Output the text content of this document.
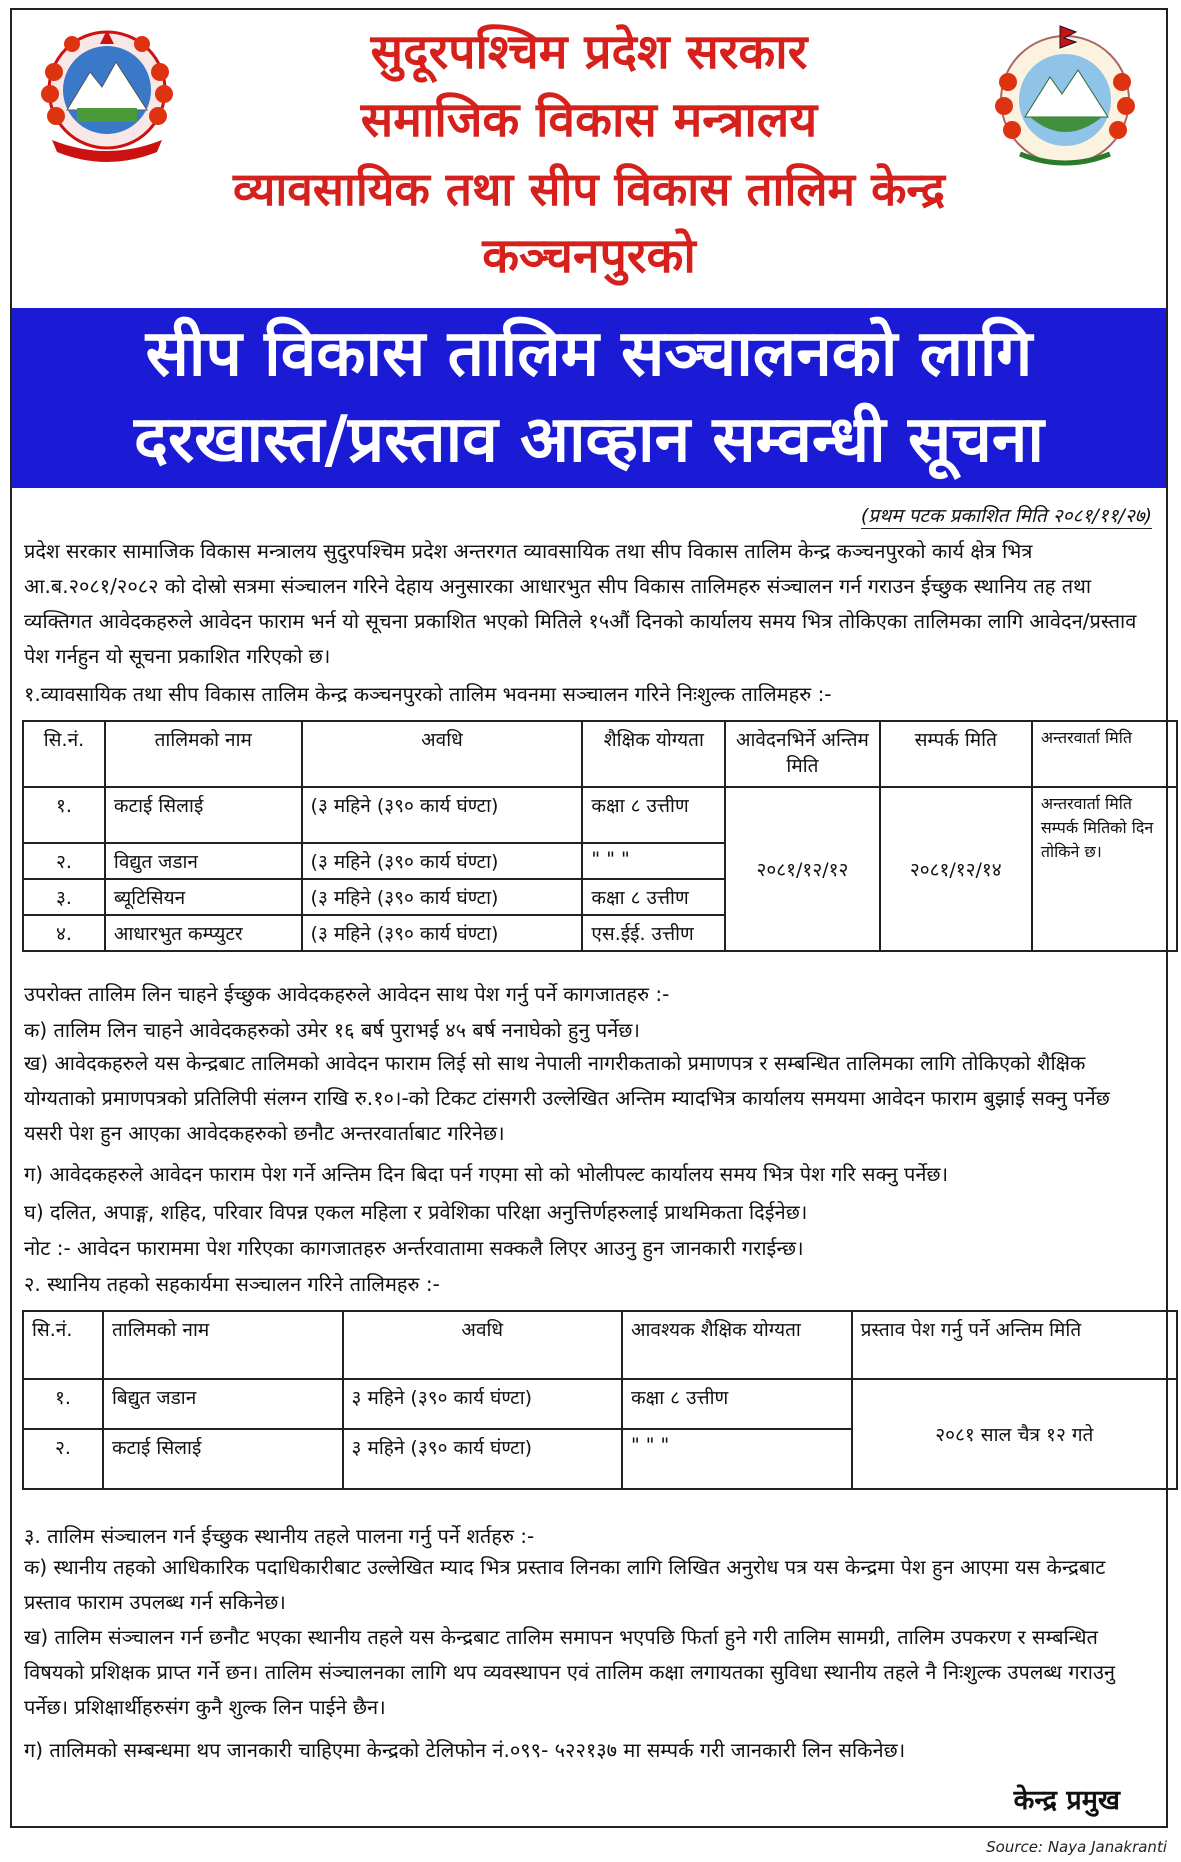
सुदूरपश्चिम प्रदेश सरकार
समाजिक विकास मन्त्रालय
व्यावसायिक तथा सीप विकास तालिम केन्द्र
कञ्चनपुरको
सीप विकास तालिम सञ्चालनको लागि
दरखास्त/प्रस्ताव आव्हान सम्वन्धी सूचना
(प्रथम पटक प्रकाशित मिति २०८१/११/२७)
प्रदेश सरकार सामाजिक विकास मन्त्रालय सुदुरपश्चिम प्रदेश अन्तरगत व्यावसायिक तथा सीप विकास तालिम केन्द्र कञ्चनपुरको कार्य क्षेत्र भित्र आ.ब.२०८१/२०८२ को दोस्रो सत्रमा संञ्चालन गरिने देहाय अनुसारका आधारभुत सीप विकास तालिमहरु संञ्चालन गर्न गराउन ईच्छुक स्थानिय तह तथा व्यक्तिगत आवेदकहरुले आवेदन फाराम भर्न यो सूचना प्रकाशित भएको मितिले १५औं दिनको कार्यालय समय भित्र तोकिएका तालिमका लागि आवेदन/प्रस्ताव पेश गर्नहुन यो सूचना प्रकाशित गरिएको छ।
१.व्यावसायिक तथा सीप विकास तालिम केन्द्र कञ्चनपुरको तालिम भवनमा सञ्चालन गरिने निःशुल्क तालिमहरु :-
सि.नं.	तालिमको नाम	अवधि	शैक्षिक योग्यता	आवेदनभिर्ने अन्तिम मिति	सम्पर्क मिति	अन्तरवार्ता मिति
१.	कटाई सिलाई	(३ महिने (३९० कार्य घंण्टा)	कक्षा ८ उत्तीण	२०८१/१२/१२	२०८१/१२/१४	अन्तरवार्ता मिति सम्पर्क मितिको दिन तोकिने छ।
२.	विद्युत जडान	(३ महिने (३९० कार्य घंण्टा)	" " "			
३.	ब्यूटिसियन	(३ महिने (३९० कार्य घंण्टा)	कक्षा ८ उत्तीण			
४.	आधारभुत कम्प्युटर	(३ महिने (३९० कार्य घंण्टा)	एस.ईई. उत्तीण			
उपरोक्त तालिम लिन चाहने ईच्छुक आवेदकहरुले आवेदन साथ पेश गर्नु पर्ने कागजातहरु :-
क) तालिम लिन चाहने आवेदकहरुको उमेर १६ बर्ष पुराभई ४५ बर्ष ननाघेको हुनु पर्नेछ।
ख) आवेदकहरुले यस केन्द्रबाट तालिमको आवेदन फाराम लिई सो साथ नेपाली नागरीकताको प्रमाणपत्र र सम्बन्धित तालिमका लागि तोकिएको शैक्षिक योग्यताको प्रमाणपत्रको प्रतिलिपी संलग्न राखि रु.१०।-को टिकट टांसगरी उल्लेखित अन्तिम म्यादभित्र कार्यालय समयमा आवेदन फाराम बुझाई सक्नु पर्नेछ यसरी पेश हुन आएका आवेदकहरुको छनौट अन्तरवार्ताबाट गरिनेछ।
ग) आवेदकहरुले आवेदन फाराम पेश गर्ने अन्तिम दिन बिदा पर्न गएमा सो को भोलीपल्ट कार्यालय समय भित्र पेश गरि सक्नु पर्नेछ।
घ) दलित, अपाङ्ग, शहिद, परिवार विपन्न एकल महिला र प्रवेशिका परिक्षा अनुत्तिर्णहरुलाई प्राथमिकता दिईनेछ।
नोट :- आवेदन फाराममा पेश गरिएका कागजातहरु अर्न्तरवातामा सक्कलै लिएर आउनु हुन जानकारी गराईन्छ।
२. स्थानिय तहको सहकार्यमा सञ्चालन गरिने तालिमहरु :-
सि.नं.	तालिमको नाम	अवधि	आवश्यक शैक्षिक योग्यता	प्रस्ताव पेश गर्नु पर्ने अन्तिम मिति
१.	बिद्युत जडान	३ महिने (३९० कार्य घंण्टा)	कक्षा ८ उत्तीण	२०८१ साल चैत्र १२ गते
२.	कटाई सिलाई	३ महिने (३९० कार्य घंण्टा)	" " "	
३. तालिम संञ्चालन गर्न ईच्छुक स्थानीय तहले पालना गर्नु पर्ने शर्तहरु :-
क) स्थानीय तहको आधिकारिक पदाधिकारीबाट उल्लेखित म्याद भित्र प्रस्ताव लिनका लागि लिखित अनुरोध पत्र यस केन्द्रमा पेश हुन आएमा यस केन्द्रबाट प्रस्ताव फाराम उपलब्ध गर्न सकिनेछ।
ख) तालिम संञ्चालन गर्न छनौट भएका स्थानीय तहले यस केन्द्रबाट तालिम समापन भएपछि फिर्ता हुने गरी तालिम सामग्री, तालिम उपकरण र सम्बन्धित विषयको प्रशिक्षक प्राप्त गर्ने छन। तालिम संञ्चालनका लागि थप व्यवस्थापन एवं तालिम कक्षा लगायतका सुविधा स्थानीय तहले नै निःशुल्क उपलब्ध गराउनु पर्नेछ। प्रशिक्षार्थीहरुसंग कुनै शुल्क लिन पाईने छैन।
ग) तालिमको सम्बन्धमा थप जानकारी चाहिएमा केन्द्रको टेलिफोन नं.०९९- ५२२१३७ मा सम्पर्क गरी जानकारी लिन सकिनेछ।
केन्द्र प्रमुख
Source: Naya Janakranti
